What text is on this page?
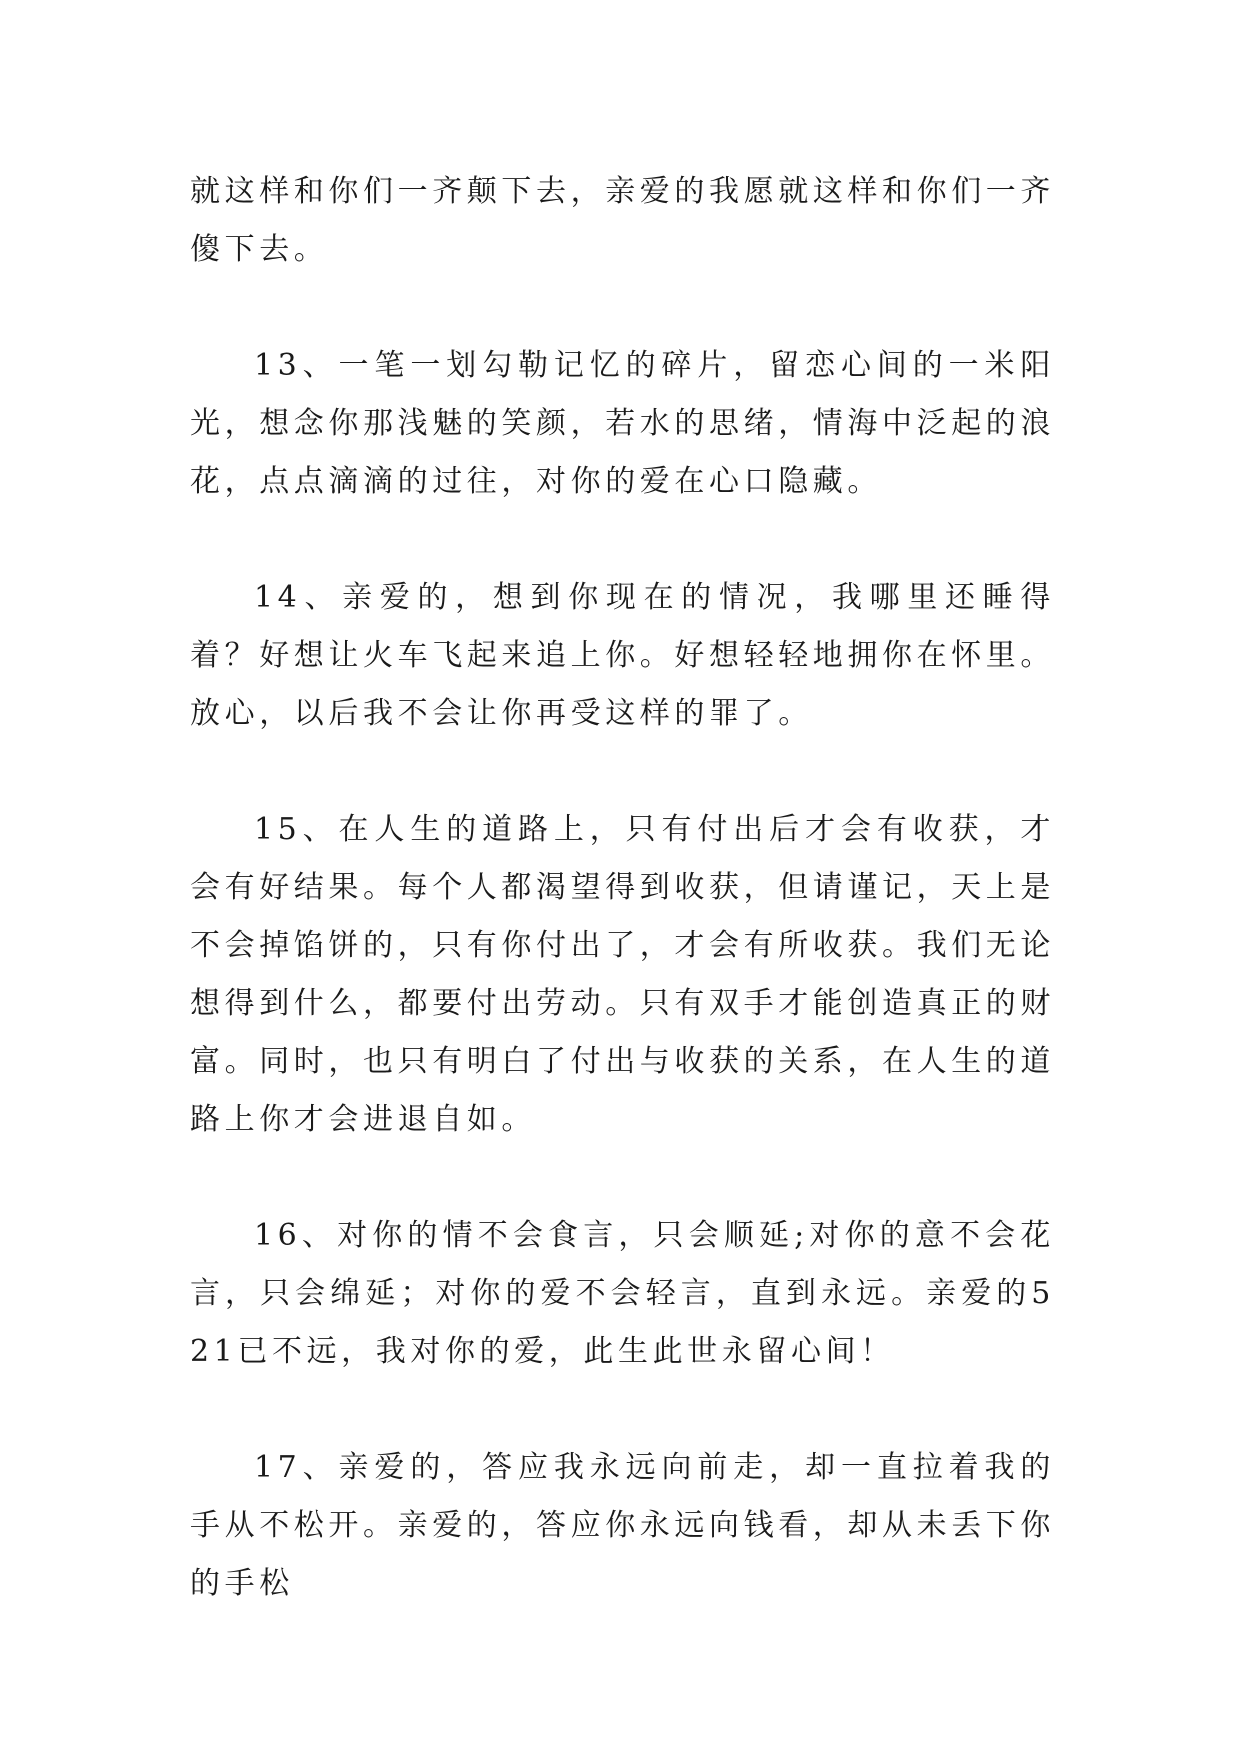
就这样和你们一齐颠下去，亲爱的我愿就这样和你们一齐傻下去。

13、一笔一划勾勒记忆的碎片，留恋心间的一米阳光，想念你那浅魅的笑颜，若水的思绪，情海中泛起的浪花，点点滴滴的过往，对你的爱在心口隐藏。

14、亲爱的，想到你现在的情况，我哪里还睡得着？好想让火车飞起来追上你。好想轻轻地拥你在怀里。放心，以后我不会让你再受这样的罪了。

15、在人生的道路上，只有付出后才会有收获，才会有好结果。每个人都渴望得到收获，但请谨记，天上是不会掉馅饼的，只有你付出了，才会有所收获。我们无论想得到什么，都要付出劳动。只有双手才能创造真正的财富。同时，也只有明白了付出与收获的关系，在人生的道路上你才会进退自如。

16、对你的情不会食言，只会顺延;对你的意不会花言，只会绵延；对你的爱不会轻言，直到永远。亲爱的521已不远，我对你的爱，此生此世永留心间！

17、亲爱的，答应我永远向前走，却一直拉着我的手从不松开。亲爱的，答应你永远向钱看，却从未丢下你的手松
